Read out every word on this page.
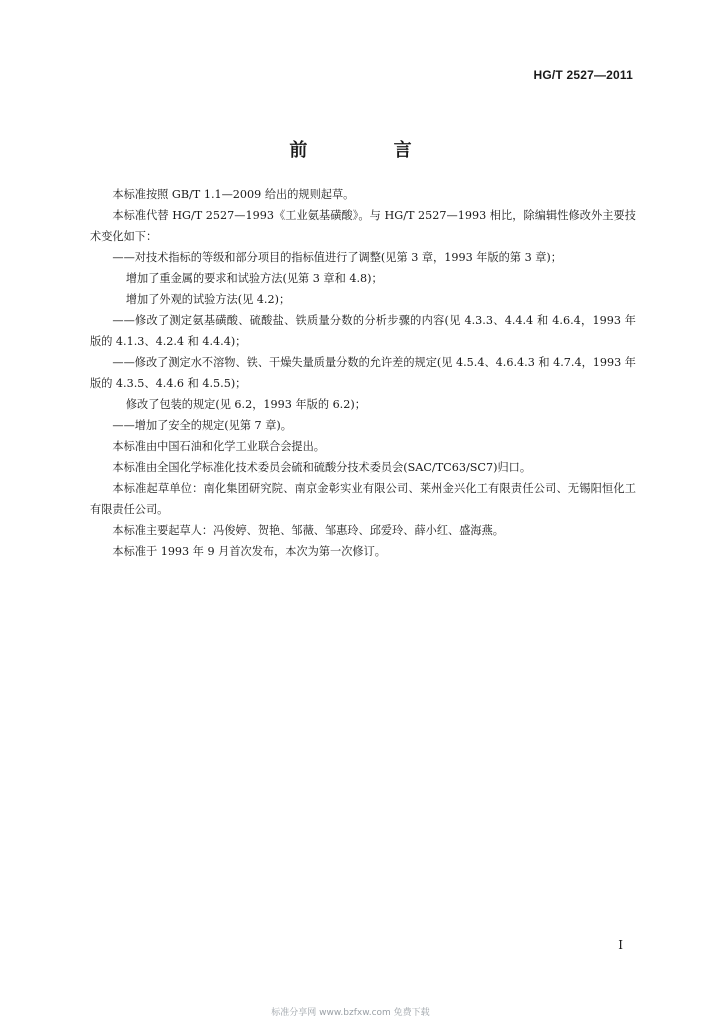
HG/T 2527—2011

前 言

本标准按照 GB/T 1.1—2009 给出的规则起草。

本标准代替 HG/T 2527—1993《工业氨基磺酸》。与 HG/T 2527—1993 相比，除编辑性修改外主要技术变化如下：

——对技术指标的等级和部分项目的指标值进行了调整(见第 3 章，1993 年版的第 3 章)；

增加了重金属的要求和试验方法(见第 3 章和 4.8)；

增加了外观的试验方法(见 4.2)；

——修改了测定氨基磺酸、硫酸盐、铁质量分数的分析步骤的内容(见 4.3.3、4.4.4 和 4.6.4，1993 年版的 4.1.3、4.2.4 和 4.4.4)；

——修改了测定水不溶物、铁、干燥失量质量分数的允许差的规定(见 4.5.4、4.6.4.3 和 4.7.4，1993 年版的 4.3.5、4.4.6 和 4.5.5)；

修改了包装的规定(见 6.2，1993 年版的 6.2)；

——增加了安全的规定(见第 7 章)。

本标准由中国石油和化学工业联合会提出。

本标准由全国化学标准化技术委员会硫和硫酸分技术委员会(SAC/TC63/SC7)归口。

本标准起草单位：南化集团研究院、南京金彰实业有限公司、莱州金兴化工有限责任公司、无锡阳恒化工有限责任公司。

本标准主要起草人：冯俊婷、贺艳、邹薇、邹惠玲、邱爱玲、薛小红、盛海燕。

本标准于 1993 年 9 月首次发布，本次为第一次修订。

I

标准分享网 www.bzfxw.com 免费下载
